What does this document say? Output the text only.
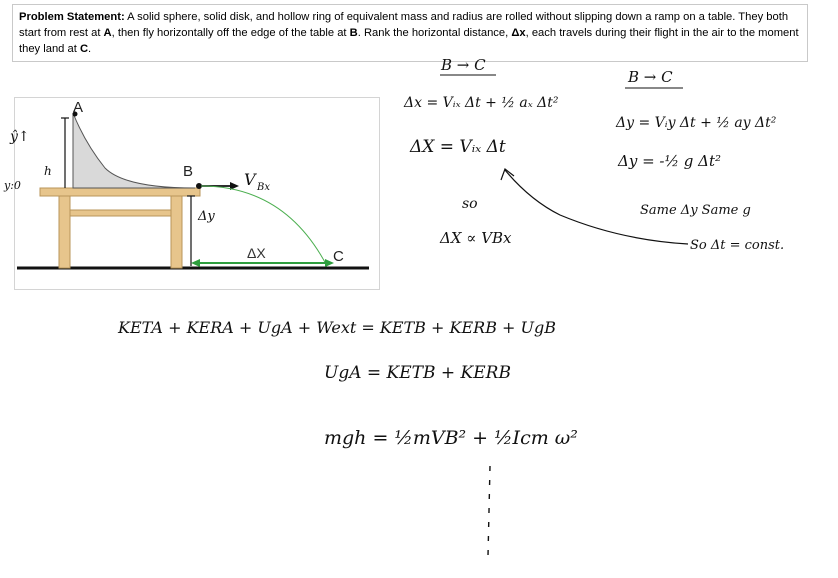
Problem Statement: A solid sphere, solid disk, and hollow ring of equivalent mass and radius are rolled without slipping down a ramp on a table. They both start from rest at A, then fly horizontally off the edge of the table at B. Rank the horizontal distance, Δx, each travels during their flight in the air to the moment they land at C.
A
B
ΔX	C
ŷ↑
y:0
h
Δy
V Bx
B → C
Δx = Vᵢₓ Δt + ½ aₓ Δt²
ΔX = Vᵢₓ Δt
so
ΔX ∝ VBx
B → C
Δy = Vᵢy Δt + ½ ay Δt²
Δy = -½ g Δt²
Same Δy Same g
So Δt = const.
KETA + KERA + UgA + Wext = KETB + KERB + UgB
UgA = KETB + KERB
mgh = ½mVB² + ½Icm ω²
